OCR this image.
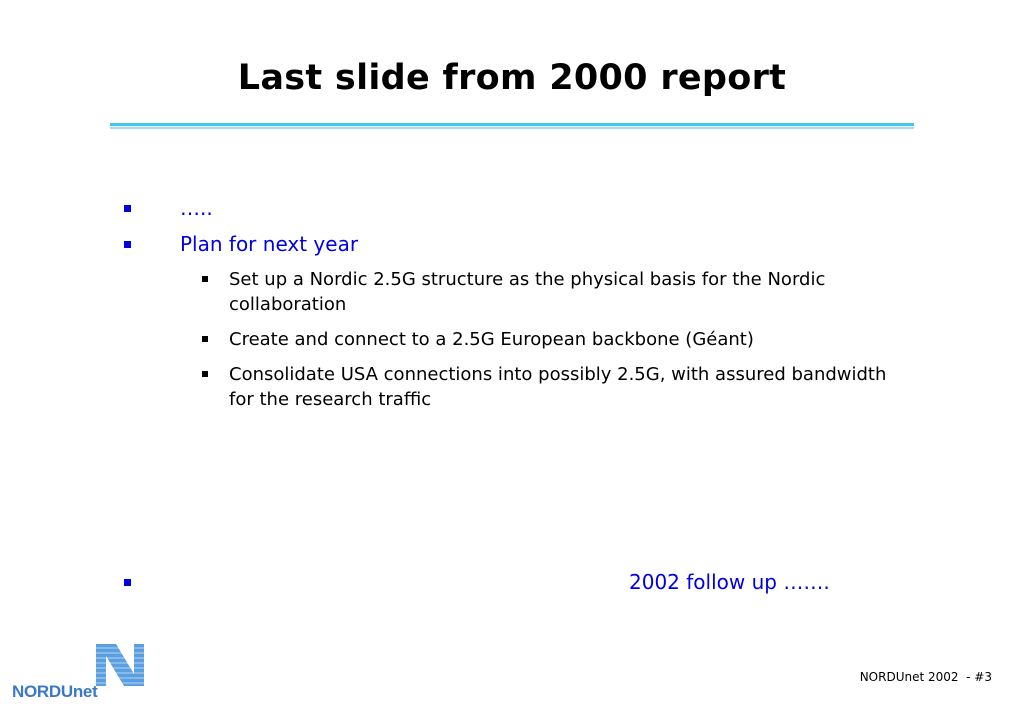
Last slide from 2000 report
…..
Plan for next year
Set up a Nordic 2.5G structure as the physical basis for the Nordic collaboration
Create and connect to a 2.5G European backbone (Géant)
Consolidate USA connections into possibly 2.5G, with assured bandwidth for the research traffic
2002 follow up …….
NORDUnet
NORDUnet 2002  - #3
